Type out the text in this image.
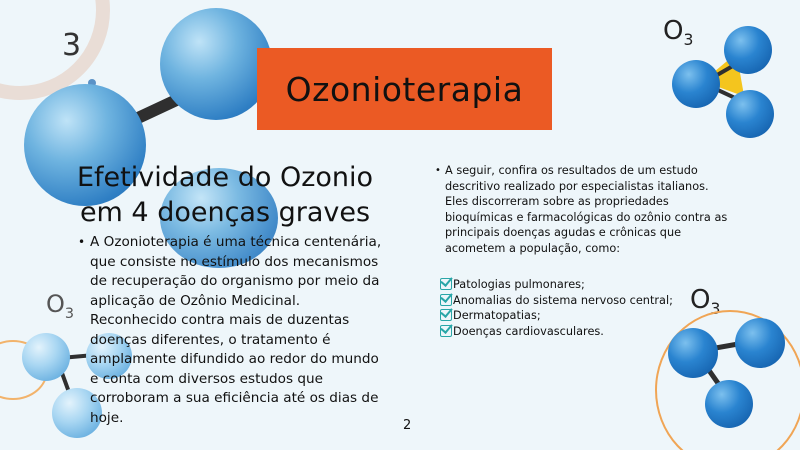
3	$O_3$
$O_3$	$O_3$
Ozonioterapia
Efetividade do Ozonio
em 4 doenças graves
• A Ozonioterapia é uma técnica centenária, que consiste no estímulo dos mecanismos de recuperação do organismo por meio da aplicação de Ozônio Medicinal. Reconhecido contra mais de duzentas doenças diferentes, o tratamento é amplamente difundido ao redor do mundo e conta com diversos estudos que corroboram a sua eficiência até os dias de hoje.

• A seguir, confira os resultados de um estudo descritivo realizado por especialistas italianos. Eles discorreram sobre as propriedades bioquímicas e farmacológicas do ozônio contra as principais doenças agudas e crônicas que acometem a população, como:

Patologias pulmonares;
Anomalias do sistema nervoso central;
Dermatopatias;
Doenças cardiovasculares.
2
